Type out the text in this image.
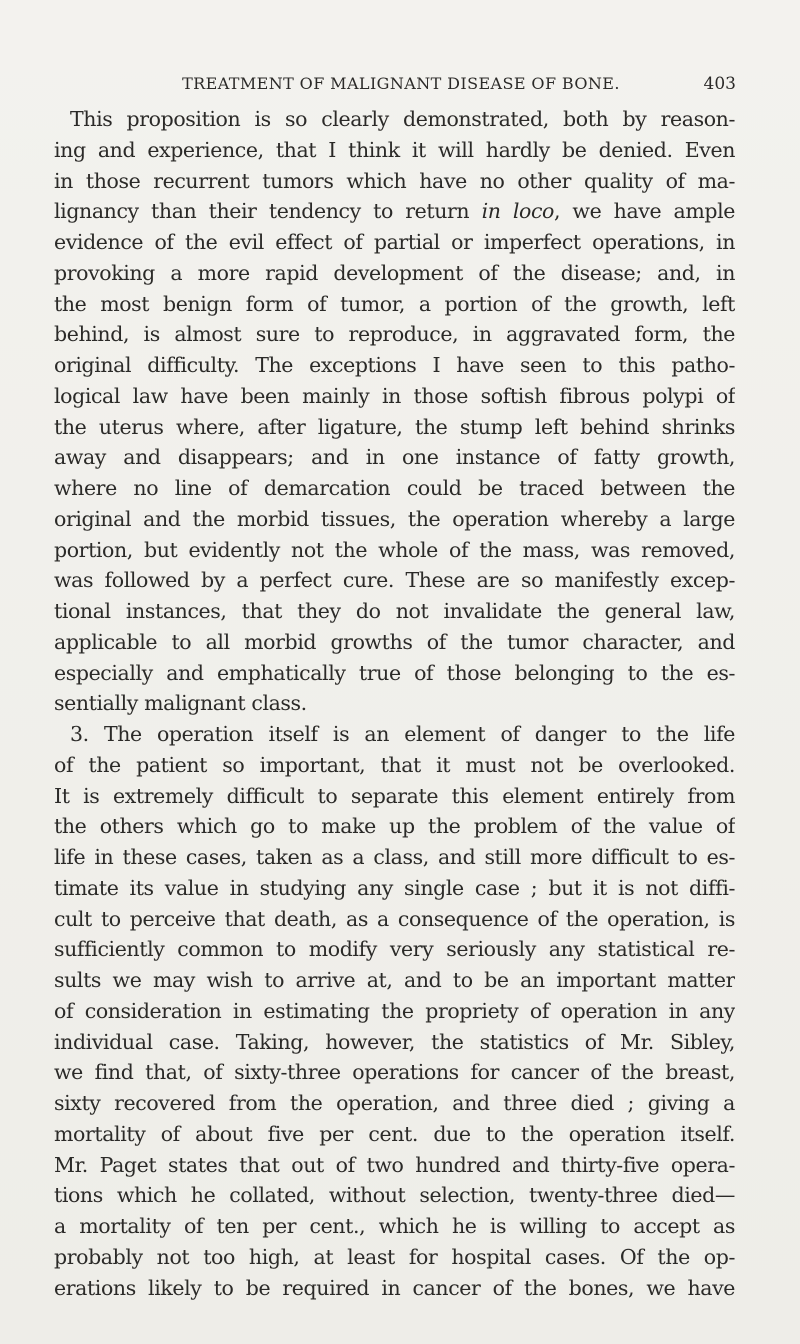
TREATMENT OF MALIGNANT DISEASE OF BONE.	403
This proposition is so clearly demonstrated, both by reason-
ing and experience, that I think it will hardly be denied. Even
in those recurrent tumors which have no other quality of ma-
lignancy than their tendency to return in loco, we have ample
evidence of the evil effect of partial or imperfect operations, in
provoking a more rapid development of the disease; and, in
the most benign form of tumor, a portion of the growth, left
behind, is almost sure to reproduce, in aggravated form, the
original difficulty. The exceptions I have seen to this patho-
logical law have been mainly in those softish fibrous polypi of
the uterus where, after ligature, the stump left behind shrinks
away and disappears; and in one instance of fatty growth,
where no line of demarcation could be traced between the
original and the morbid tissues, the operation whereby a large
portion, but evidently not the whole of the mass, was removed,
was followed by a perfect cure. These are so manifestly excep-
tional instances, that they do not invalidate the general law,
applicable to all morbid growths of the tumor character, and
especially and emphatically true of those belonging to the es-
sentially malignant class.
3. The operation itself is an element of danger to the life
of the patient so important, that it must not be overlooked.
It is extremely difficult to separate this element entirely from
the others which go to make up the problem of the value of
life in these cases, taken as a class, and still more difficult to es-
timate its value in studying any single case ; but it is not diffi-
cult to perceive that death, as a consequence of the operation, is
sufficiently common to modify very seriously any statistical re-
sults we may wish to arrive at, and to be an important matter
of consideration in estimating the propriety of operation in any
individual case. Taking, however, the statistics of Mr. Sibley,
we find that, of sixty-three operations for cancer of the breast,
sixty recovered from the operation, and three died ; giving a
mortality of about five per cent. due to the operation itself.
Mr. Paget states that out of two hundred and thirty-five opera-
tions which he collated, without selection, twenty-three died—
a mortality of ten per cent., which he is willing to accept as
probably not too high, at least for hospital cases. Of the op-
erations likely to be required in cancer of the bones, we have
